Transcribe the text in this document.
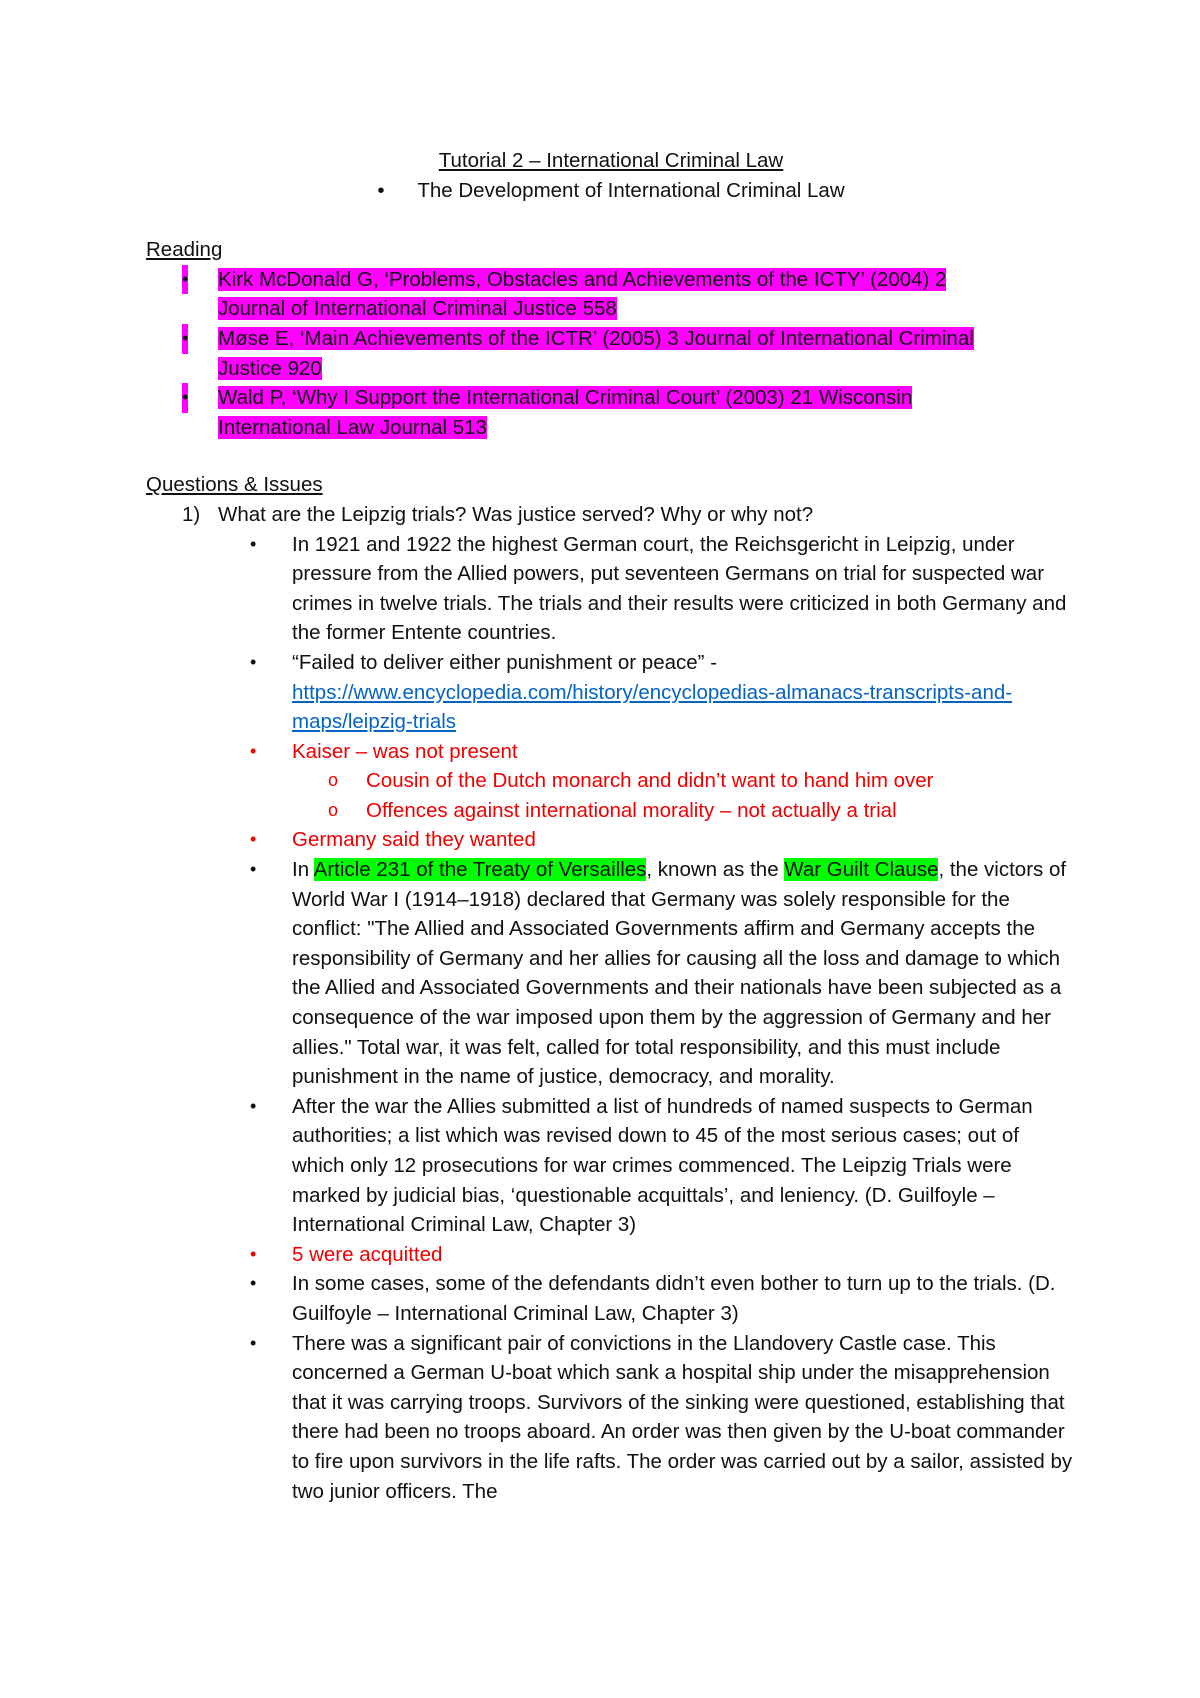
Tutorial 2 – International Criminal Law
• The Development of International Criminal Law
Reading
• Kirk McDonald G, ‘Problems, Obstacles and Achievements of the ICTY’ (2004) 2
Journal of International Criminal Justice 558
• Møse E, ‘Main Achievements of the ICTR’ (2005) 3 Journal of International Criminal
Justice 920
• Wald P, ‘Why I Support the International Criminal Court’ (2003) 21 Wisconsin
International Law Journal 513
Questions & Issues
1) What are the Leipzig trials? Was justice served? Why or why not?
• In 1921 and 1922 the highest German court, the Reichsgericht in Leipzig, under pressure from the Allied powers, put seventeen Germans on trial for suspected war crimes in twelve trials. The trials and their results were criticized in both Germany and the former Entente countries.
• “Failed to deliver either punishment or peace” -
https://www.encyclopedia.com/history/encyclopedias-almanacs-transcripts-and-maps/leipzig-trials
• Kaiser – was not present
o Cousin of the Dutch monarch and didn’t want to hand him over
o Offences against international morality – not actually a trial
• Germany said they wanted
• In Article 231 of the Treaty of Versailles, known as the War Guilt Clause, the victors of World War I (1914–1918) declared that Germany was solely responsible for the conflict: "The Allied and Associated Governments affirm and Germany accepts the responsibility of Germany and her allies for causing all the loss and damage to which the Allied and Associated Governments and their nationals have been subjected as a consequence of the war imposed upon them by the aggression of Germany and her allies." Total war, it was felt, called for total responsibility, and this must include punishment in the name of justice, democracy, and morality.
• After the war the Allies submitted a list of hundreds of named suspects to German authorities; a list which was revised down to 45 of the most serious cases; out of which only 12 prosecutions for war crimes commenced. The Leipzig Trials were marked by judicial bias, ‘questionable acquittals’, and leniency. (D. Guilfoyle – International Criminal Law, Chapter 3)
• 5 were acquitted
• In some cases, some of the defendants didn’t even bother to turn up to the trials. (D. Guilfoyle – International Criminal Law, Chapter 3)
• There was a significant pair of convictions in the Llandovery Castle case. This concerned a German U-boat which sank a hospital ship under the misapprehension that it was carrying troops. Survivors of the sinking were questioned, establishing that there had been no troops aboard. An order was then given by the U-boat commander to fire upon survivors in the life rafts. The order was carried out by a sailor, assisted by two junior officers. The
